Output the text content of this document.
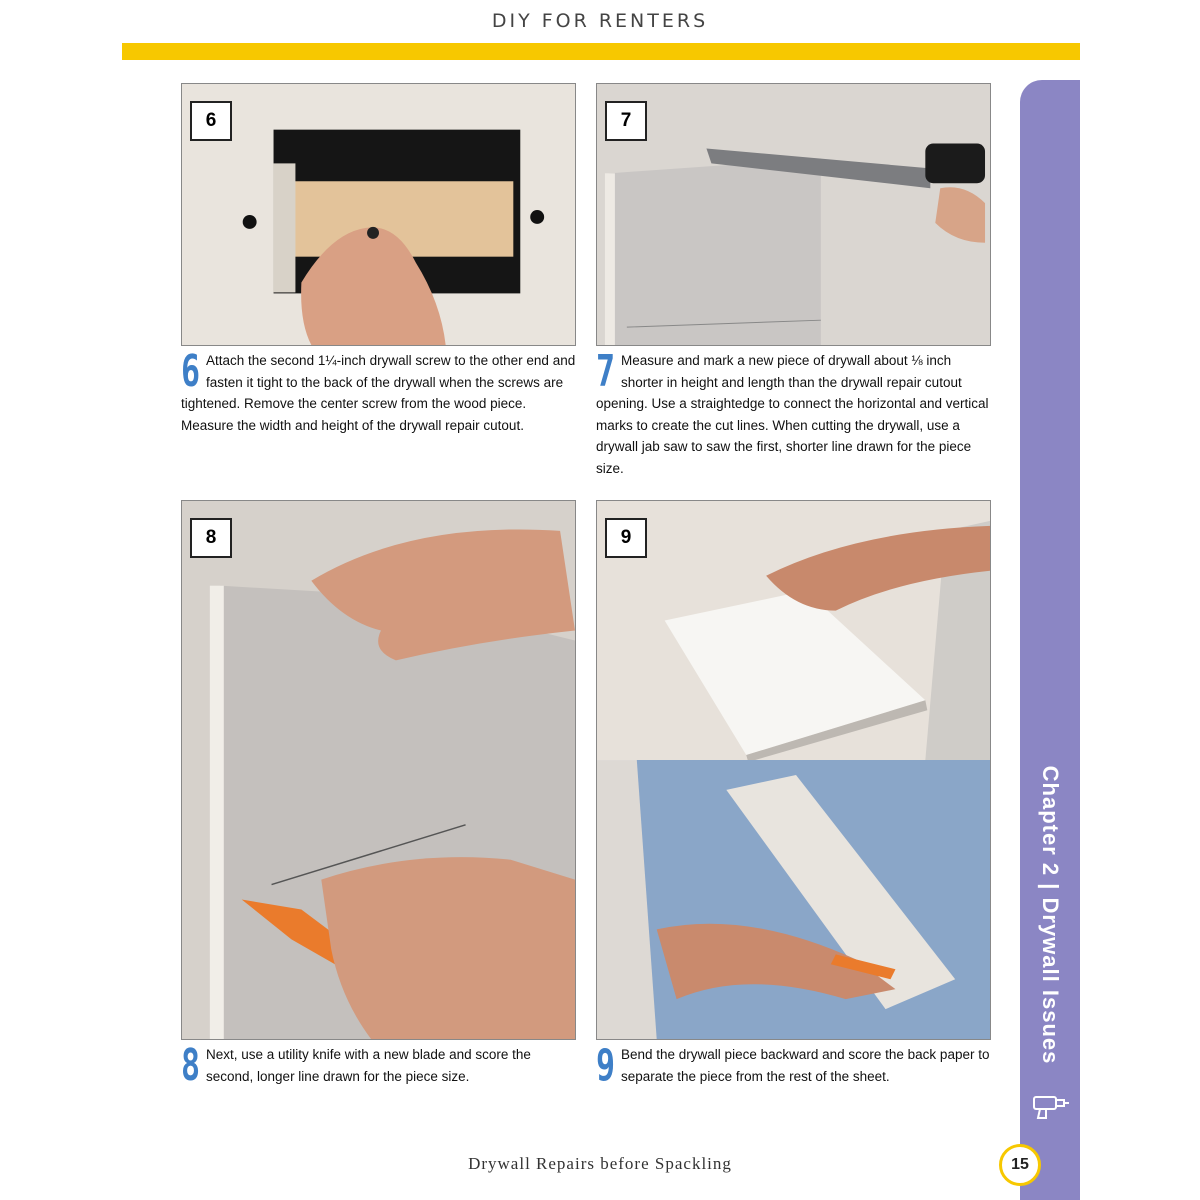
DIY FOR RENTERS
Chapter 2 | Drywall Issues
6	7
8	9

6 Attach the second 1¼-inch drywall screw to the other end and fasten it tight to the back of the drywall when the screws are tightened. Remove the center screw from the wood piece. Measure the width and height of the drywall repair cutout.

7 Measure and mark a new piece of drywall about ⅛ inch shorter in height and length than the drywall repair cutout opening. Use a straightedge to connect the horizontal and vertical marks to create the cut lines. When cutting the drywall, use a drywall jab saw to saw the first, shorter line drawn for the piece size.

8 Next, use a utility knife with a new blade and score the second, longer line drawn for the piece size.	9 Bend the drywall piece backward and score the back paper to separate the piece from the rest of the sheet.

Drywall Repairs before Spackling	15
